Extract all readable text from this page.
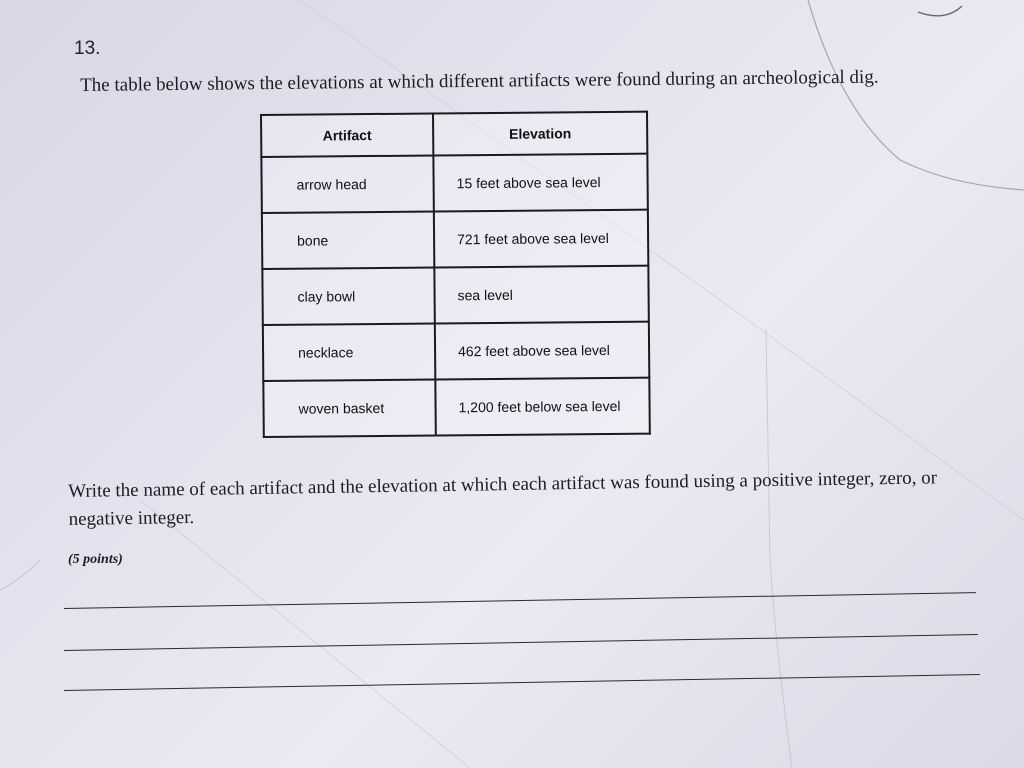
13.
The table below shows the elevations at which different artifacts were found during an archeological dig.
Artifact	Elevation
arrow head	15 feet above sea level
bone	721 feet above sea level
clay bowl	sea level
necklace	462 feet above sea level
woven basket	1,200 feet below sea level
Write the name of each artifact and the elevation at which each artifact was found using a positive integer, zero, or negative integer.
(5 points)
